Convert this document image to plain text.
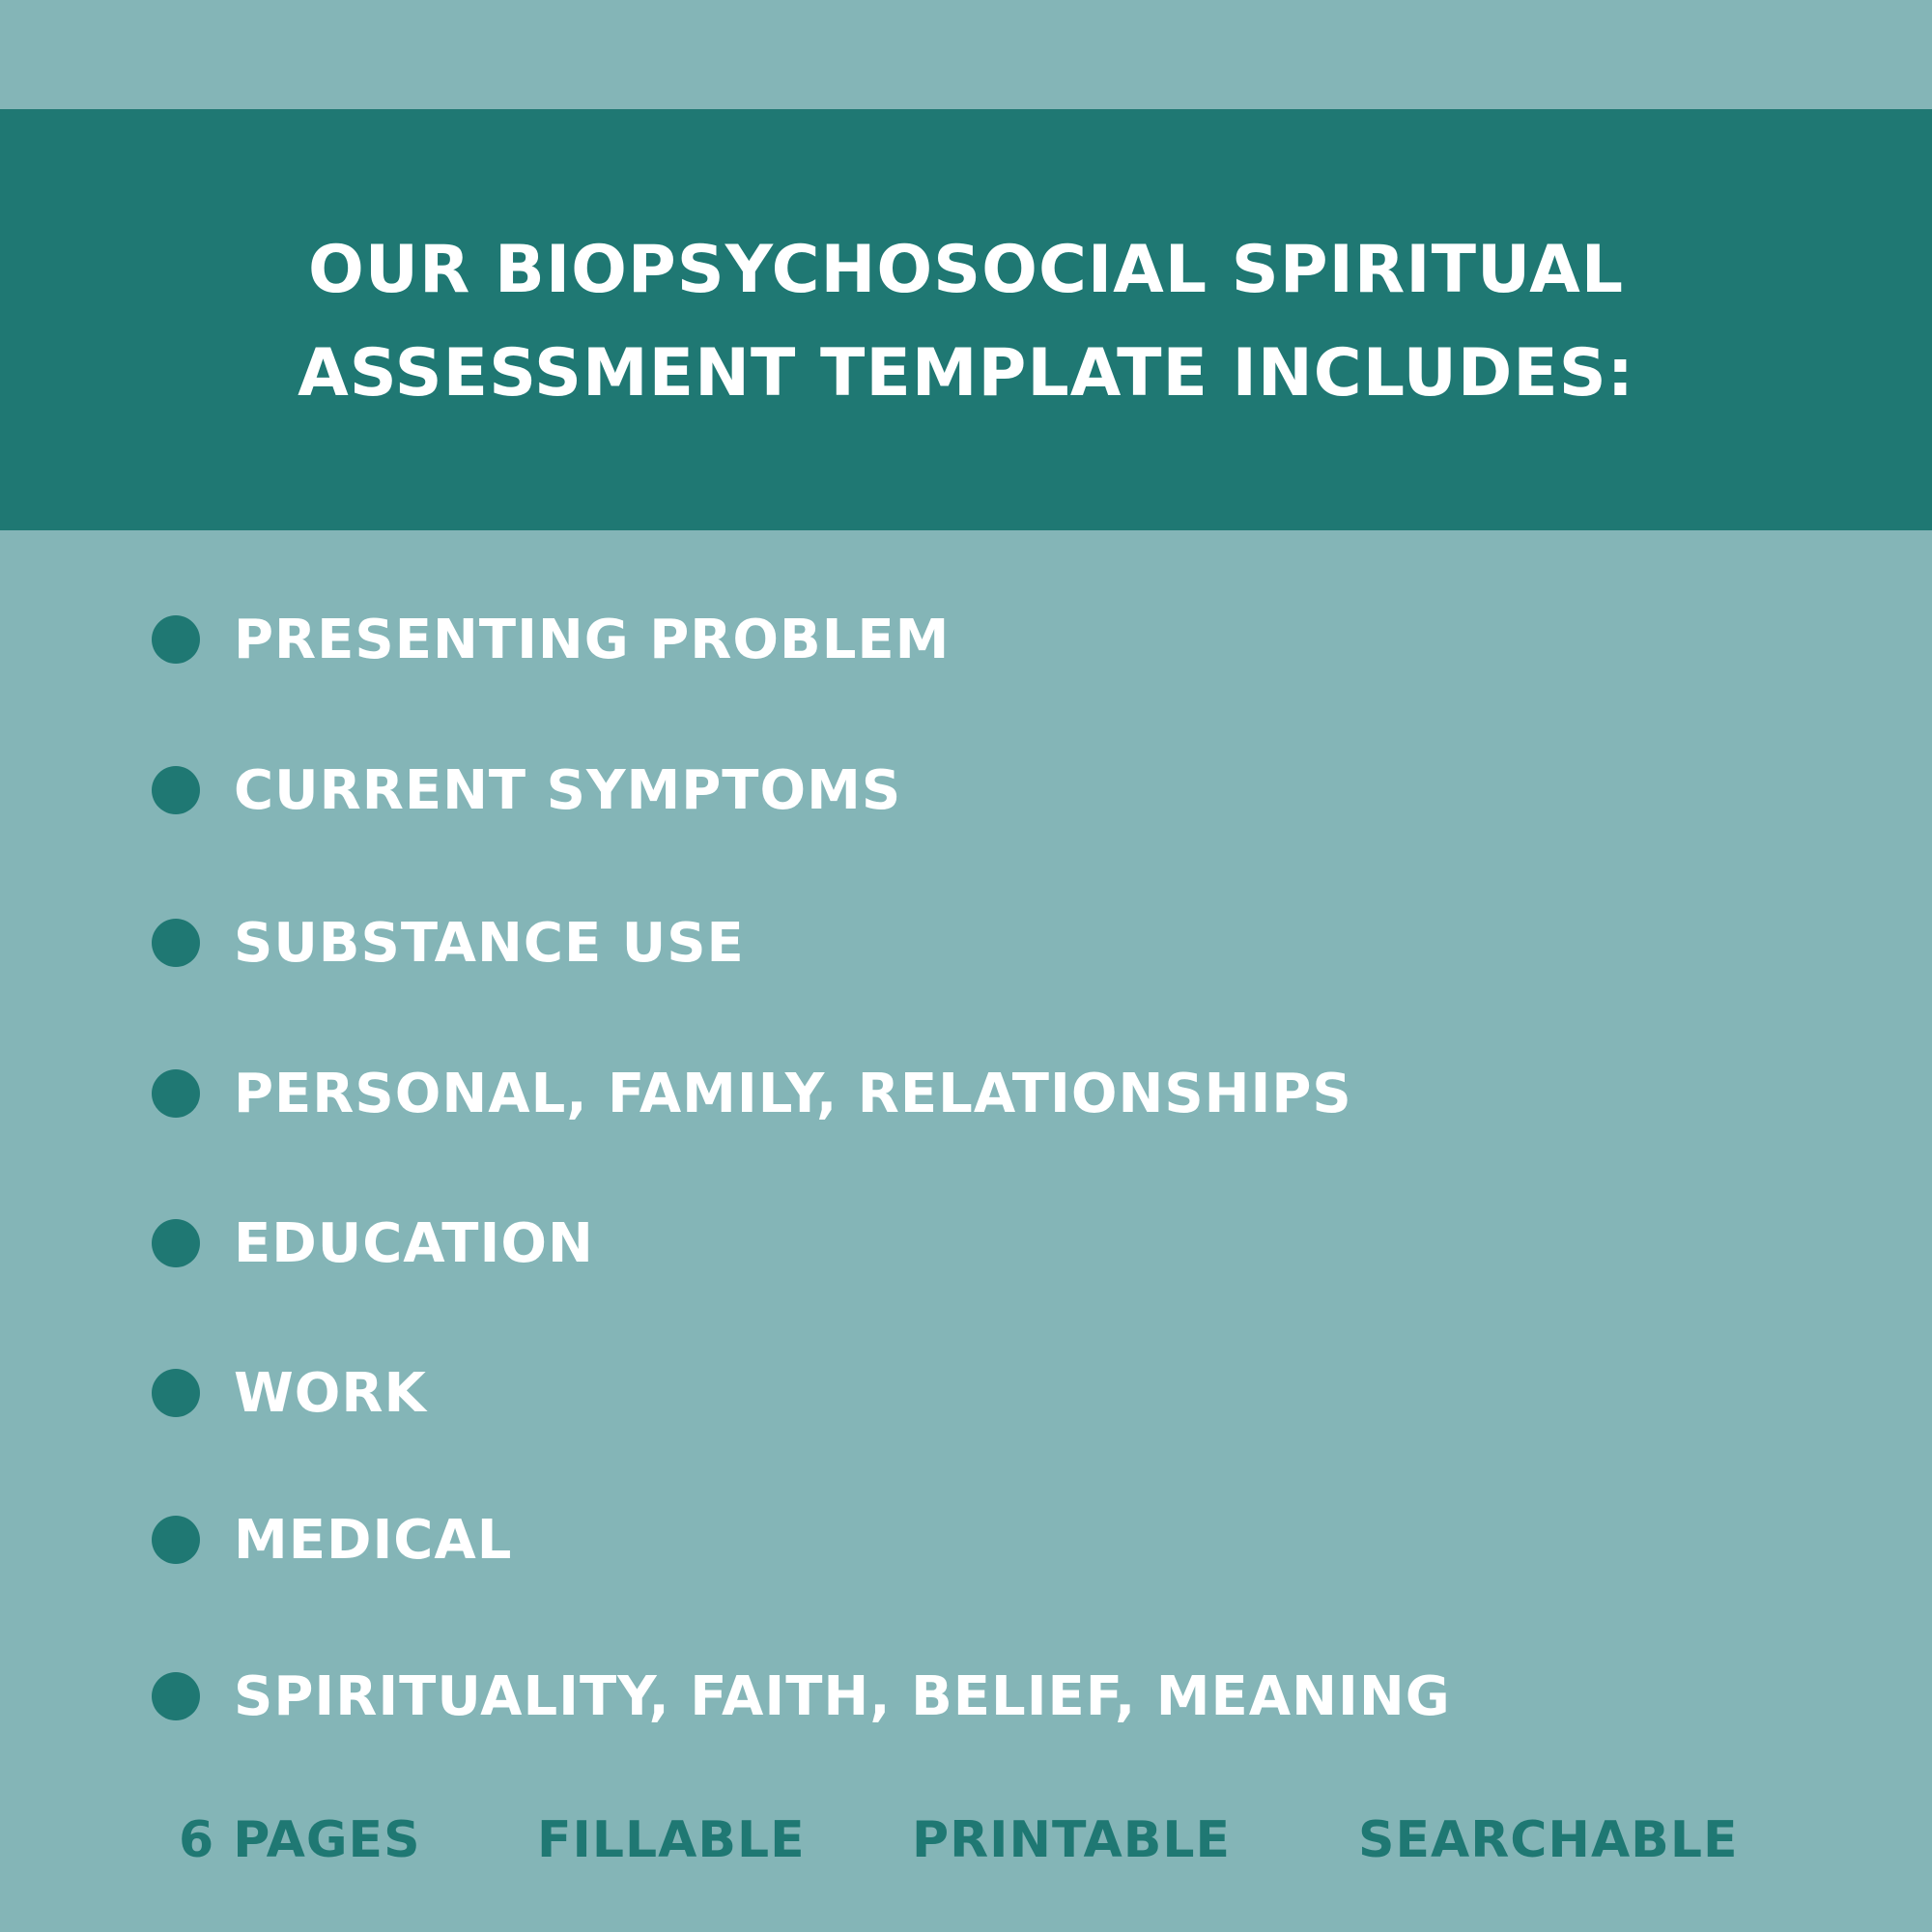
OUR BIOPSYCHOSOCIAL SPIRITUAL
ASSESSMENT TEMPLATE INCLUDES:
PRESENTING PROBLEM
CURRENT SYMPTOMS
SUBSTANCE USE
PERSONAL, FAMILY, RELATIONSHIPS
EDUCATION
WORK
MEDICAL
SPIRITUALITY, FAITH, BELIEF, MEANING
6 PAGES FILLABLE PRINTABLE	SEARCHABLE
